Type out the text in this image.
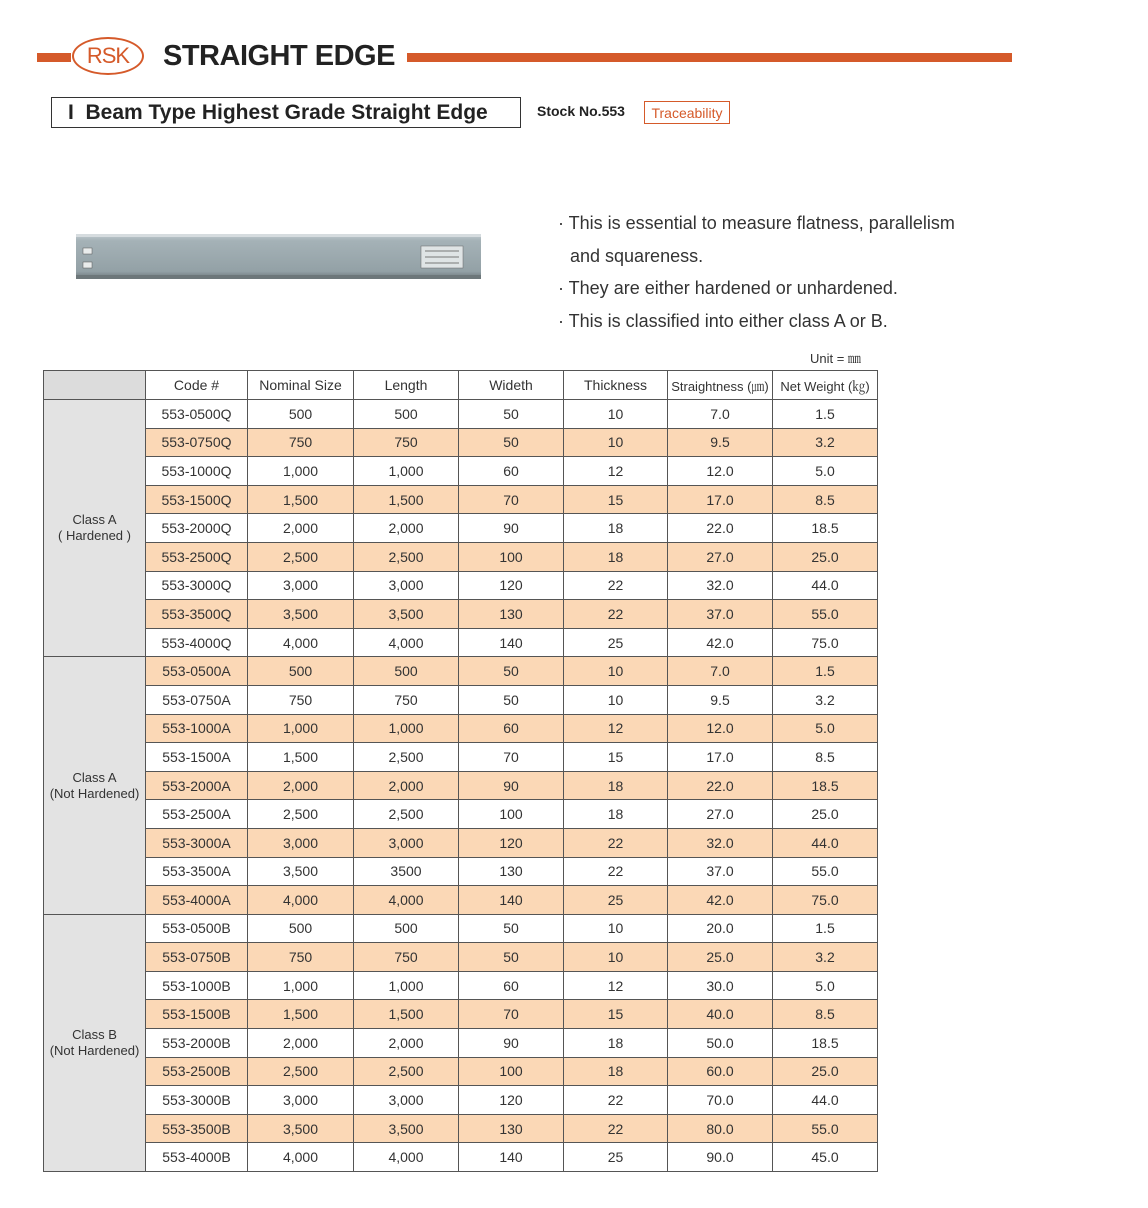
RSK	STRAIGHT EDGE
I  Beam Type Highest Grade Straight Edge	Stock No.553	Traceability
· This is essential to measure flatness, parallelism
and squareness.
· They are either hardened or unhardened.
· This is classified into either class A or B.
Unit = ㎜
	Code #	Nominal Size	Length	Wideth	Thickness	Straightness (㎛)	Net Weight (㎏)

Class A
( Hardened )	553-0500Q	500	500	50	10	7.0	1.5
	553-0750Q	750	750	50	10	9.5	3.2
	553-1000Q	1,000	1,000	60	12	12.0	5.0
	553-1500Q	1,500	1,500	70	15	17.0	8.5
	553-2000Q	2,000	2,000	90	18	22.0	18.5
	553-2500Q	2,500	2,500	100	18	27.0	25.0
	553-3000Q	3,000	3,000	120	22	32.0	44.0
	553-3500Q	3,500	3,500	130	22	37.0	55.0
	553-4000Q	4,000	4,000	140	25	42.0	75.0

Class A
(Not Hardened)	553-0500A	500	500	50	10	7.0	1.5
	553-0750A	750	750	50	10	9.5	3.2
	553-1000A	1,000	1,000	60	12	12.0	5.0
	553-1500A	1,500	2,500	70	15	17.0	8.5
	553-2000A	2,000	2,000	90	18	22.0	18.5
	553-2500A	2,500	2,500	100	18	27.0	25.0
	553-3000A	3,000	3,000	120	22	32.0	44.0
	553-3500A	3,500	3500	130	22	37.0	55.0
	553-4000A	4,000	4,000	140	25	42.0	75.0

Class B
(Not Hardened)	553-0500B	500	500	50	10	20.0	1.5
	553-0750B	750	750	50	10	25.0	3.2
	553-1000B	1,000	1,000	60	12	30.0	5.0
	553-1500B	1,500	1,500	70	15	40.0	8.5
	553-2000B	2,000	2,000	90	18	50.0	18.5
	553-2500B	2,500	2,500	100	18	60.0	25.0
	553-3000B	3,000	3,000	120	22	70.0	44.0
	553-3500B	3,500	3,500	130	22	80.0	55.0
	553-4000B	4,000	4,000	140	25	90.0	45.0
